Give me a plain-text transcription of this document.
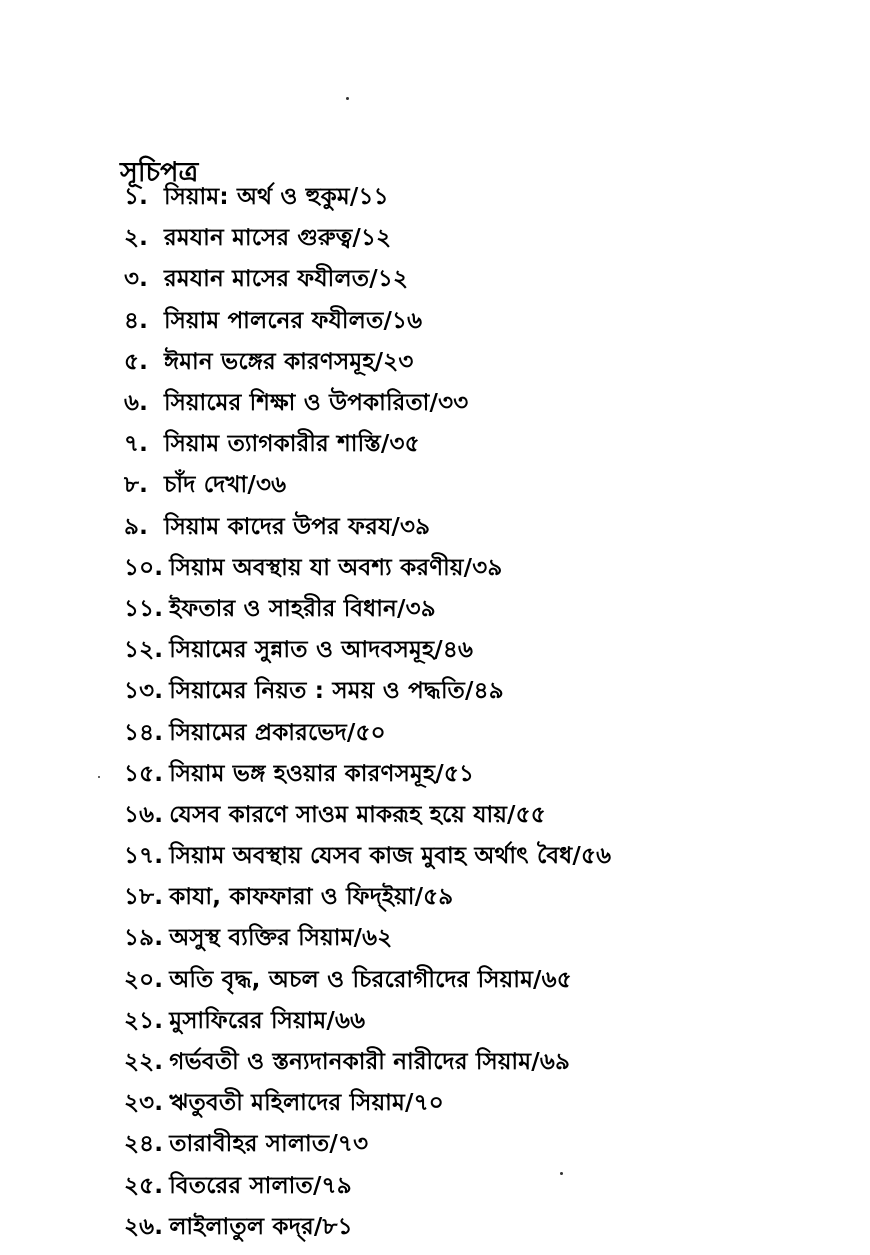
সূচিপত্র
১. সিয়াম: অর্থ ও হুকুম/১১
২. রমযান মাসের গুরুত্ব/১২
৩. রমযান মাসের ফযীলত/১২
৪. সিয়াম পালনের ফযীলত/১৬
৫. ঈমান ভঙ্গের কারণসমূহ/২৩
৬. সিয়ামের শিক্ষা ও উপকারিতা/৩৩
৭. সিয়াম ত্যাগকারীর শাস্তি/৩৫
৮. চাঁদ দেখা/৩৬
৯. সিয়াম কাদের উপর ফরয/৩৯
১০. সিয়াম অবস্থায় যা অবশ্য করণীয়/৩৯
১১. ইফতার ও সাহরীর বিধান/৩৯
১২. সিয়ামের সুন্নাত ও আদবসমূহ/৪৬
১৩. সিয়ামের নিয়ত : সময় ও পদ্ধতি/৪৯
১৪. সিয়ামের প্রকারভেদ/৫০
১৫. সিয়াম ভঙ্গ হওয়ার কারণসমূহ/৫১
১৬. যেসব কারণে সাওম মাকরূহ হয়ে যায়/৫৫
১৭. সিয়াম অবস্থায় যেসব কাজ মুবাহ অর্থাৎ বৈধ/৫৬
১৮. কাযা, কাফফারা ও ফিদ্‌ইয়া/৫৯
১৯. অসুস্থ ব্যক্তির সিয়াম/৬২
২০. অতি বৃদ্ধ, অচল ও চিররোগীদের সিয়াম/৬৫
২১. মুসাফিরের সিয়াম/৬৬
২২. গর্ভবতী ও স্তন্যদানকারী নারীদের সিয়াম/৬৯
২৩. ঋতুবতী মহিলাদের সিয়াম/৭০
২৪. তারাবীহর সালাত/৭৩
২৫. বিতরের সালাত/৭৯
২৬. লাইলাতুল কদ্‌র/৮১
